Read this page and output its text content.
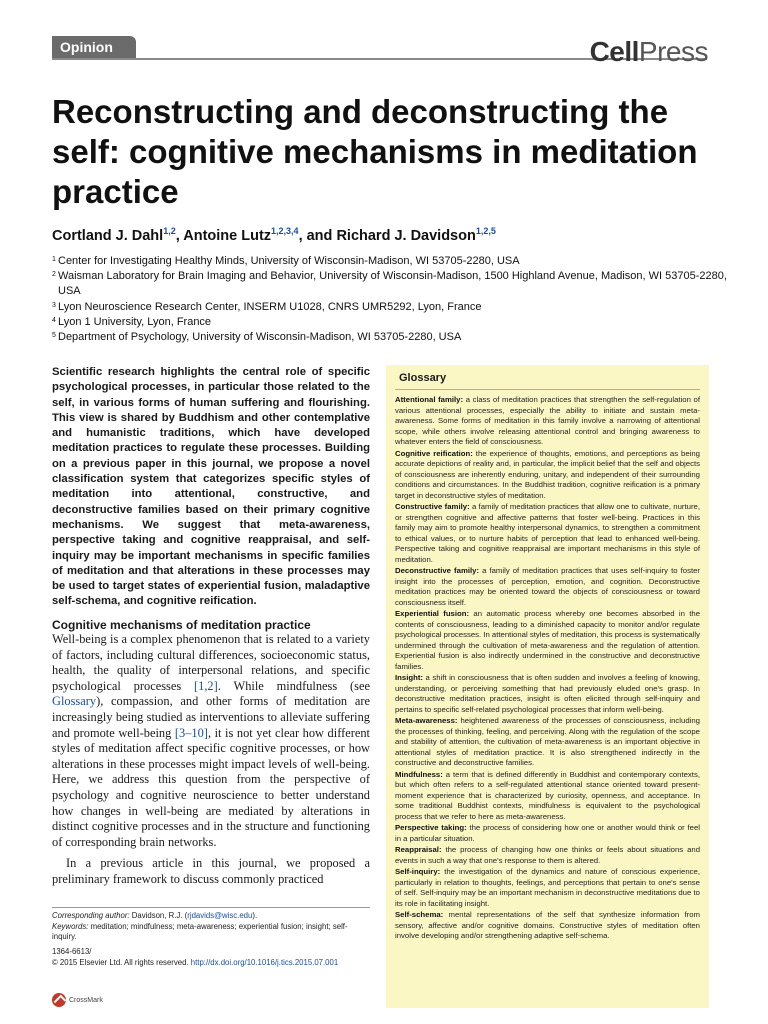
Opinion	CellPress
Reconstructing and deconstructing the self: cognitive mechanisms in meditation practice
Cortland J. Dahl$^{1,2}$, Antoine Lutz$^{1,2,3,4}$, and Richard J. Davidson$^{1,2,5}$
1 Center for Investigating Healthy Minds, University of Wisconsin-Madison, WI 53705-2280, USA
2 Waisman Laboratory for Brain Imaging and Behavior, University of Wisconsin-Madison, 1500 Highland Avenue, Madison, WI 53705-2280, USA
3 Lyon Neuroscience Research Center, INSERM U1028, CNRS UMR5292, Lyon, France
4 Lyon 1 University, Lyon, France
5 Department of Psychology, University of Wisconsin-Madison, WI 53705-2280, USA

Scientific research highlights the central role of specific psychological processes, in particular those related to the self, in various forms of human suffering and flourishing. This view is shared by Buddhism and other contemplative and humanistic traditions, which have developed meditation practices to regulate these processes. Building on a previous paper in this journal, we propose a novel classification system that categorizes specific styles of meditation into attentional, constructive, and deconstructive families based on their primary cognitive mechanisms. We suggest that meta-awareness, perspective taking and cognitive reappraisal, and self-inquiry may be important mechanisms in specific families of meditation and that alterations in these processes may be used to target states of experiential fusion, maladaptive self-schema, and cognitive reification.

Cognitive mechanisms of meditation practice

Well-being is a complex phenomenon that is related to a variety of factors, including cultural differences, socioeconomic status, health, the quality of interpersonal relations, and specific psychological processes [1,2]. While mindfulness (see Glossary), compassion, and other forms of meditation are increasingly being studied as interventions to alleviate suffering and promote well-being [3–10], it is not yet clear how different styles of meditation affect specific cognitive processes, or how alterations in these processes might impact levels of well-being. Here, we address this question from the perspective of psychology and cognitive neuroscience to better understand how changes in well-being are mediated by alterations in distinct cognitive processes and in the structure and functioning of corresponding brain networks.

In a previous article in this journal, we proposed a preliminary framework to discuss commonly practiced

Corresponding author: Davidson, R.J. (rjdavids@wisc.edu).
Keywords: meditation; mindfulness; meta-awareness; experiential fusion; insight; self-inquiry.
1364-6613/
© 2015 Elsevier Ltd. All rights reserved. http://dx.doi.org/10.1016/j.tics.2015.07.001
CrossMark
Glossary

Attentional family: a class of meditation practices that strengthen the self-regulation of various attentional processes, especially the ability to initiate and sustain meta-awareness. Some forms of meditation in this family involve a narrowing of attentional scope, while others involve releasing attentional control and bringing awareness to whatever enters the field of consciousness.

Cognitive reification: the experience of thoughts, emotions, and perceptions as being accurate depictions of reality and, in particular, the implicit belief that the self and objects of consciousness are inherently enduring, unitary, and independent of their surrounding conditions and circumstances. In the Buddhist tradition, cognitive reification is a primary target in deconstructive styles of meditation.

Constructive family: a family of meditation practices that allow one to cultivate, nurture, or strengthen cognitive and affective patterns that foster well-being. Practices in this family may aim to promote healthy interpersonal dynamics, to strengthen a commitment to ethical values, or to nurture habits of perception that lead to enhanced well-being. Perspective taking and cognitive reappraisal are important mechanisms in this style of meditation.

Deconstructive family: a family of meditation practices that uses self-inquiry to foster insight into the processes of perception, emotion, and cognition. Deconstructive meditation practices may be oriented toward the objects of consciousness or toward consciousness itself.

Experiential fusion: an automatic process whereby one becomes absorbed in the contents of consciousness, leading to a diminished capacity to monitor and/or regulate psychological processes. In attentional styles of meditation, this process is systematically undermined through the cultivation of meta-awareness and the regulation of attention. Experiential fusion is also indirectly undermined in the constructive and deconstructive families.

Insight: a shift in consciousness that is often sudden and involves a feeling of knowing, understanding, or perceiving something that had previously eluded one's grasp. In deconstructive meditation practices, insight is often elicited through self-inquiry and pertains to specific self-related psychological processes that inform well-being.

Meta-awareness: heightened awareness of the processes of consciousness, including the processes of thinking, feeling, and perceiving. Along with the regulation of the scope and stability of attention, the cultivation of meta-awareness is an important objective in attentional styles of meditation practice. It is also strengthened indirectly in the constructive and deconstructive families.

Mindfulness: a term that is defined differently in Buddhist and contemporary contexts, but which often refers to a self-regulated attentional stance oriented toward present-moment experience that is characterized by curiosity, openness, and acceptance. In some traditional Buddhist contexts, mindfulness is equivalent to the psychological process that we refer to here as meta-awareness.

Perspective taking: the process of considering how one or another would think or feel in a particular situation.

Reappraisal: the process of changing how one thinks or feels about situations and events in such a way that one's response to them is altered.

Self-inquiry: the investigation of the dynamics and nature of conscious experience, particularly in relation to thoughts, feelings, and perceptions that pertain to one's sense of self. Self-inquiry may be an important mechanism in deconstructive meditations due to its role in facilitating insight.

Self-schema: mental representations of the self that synthesize information from sensory, affective and/or cognitive domains. Constructive styles of meditation often involve developing and/or strengthening adaptive self-schema.
